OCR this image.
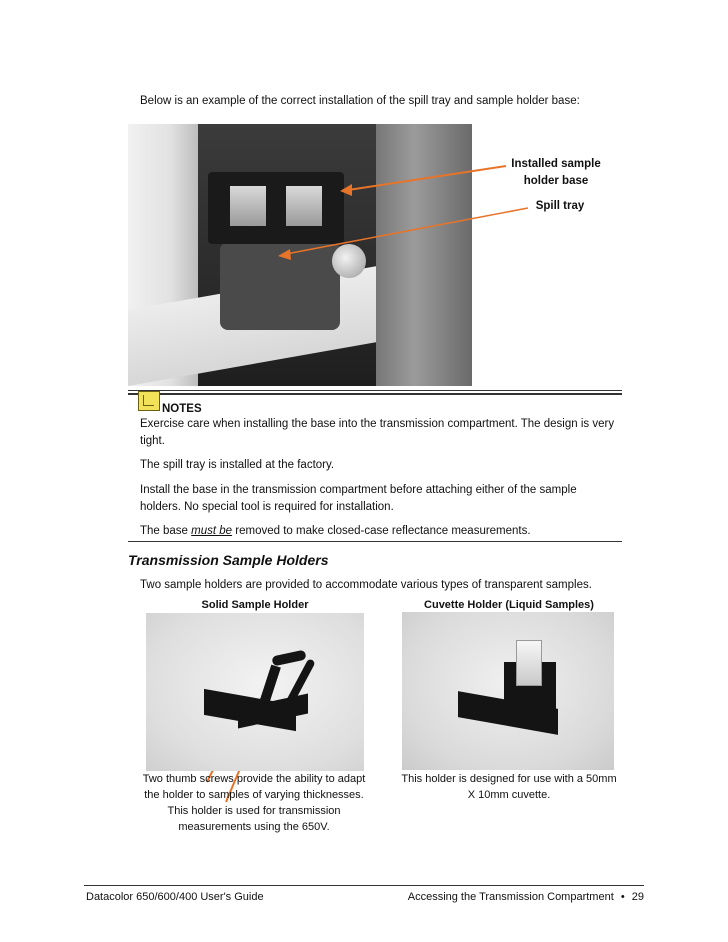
Below is an example of the correct installation of the spill tray and sample holder base:
Installed sample holder base
Spill tray
NOTES
Exercise care when installing the base into the transmission compartment. The design is very tight.
The spill tray is installed at the factory.
Install the base in the transmission compartment before attaching either of the sample holders. No special tool is required for installation.
The base must be removed to make closed-case reflectance measurements.
Transmission Sample Holders
Two sample holders are provided to accommodate various types of transparent samples.
Solid Sample Holder	Cuvette Holder (Liquid Samples)
Two thumb screws provide the ability to adapt the holder to samples of varying thicknesses. This holder is used for transmission measurements using the 650V.
This holder is designed for use with a 50mm X 10mm cuvette.
Datacolor 650/600/400 User's Guide	Accessing the Transmission Compartment • 29
